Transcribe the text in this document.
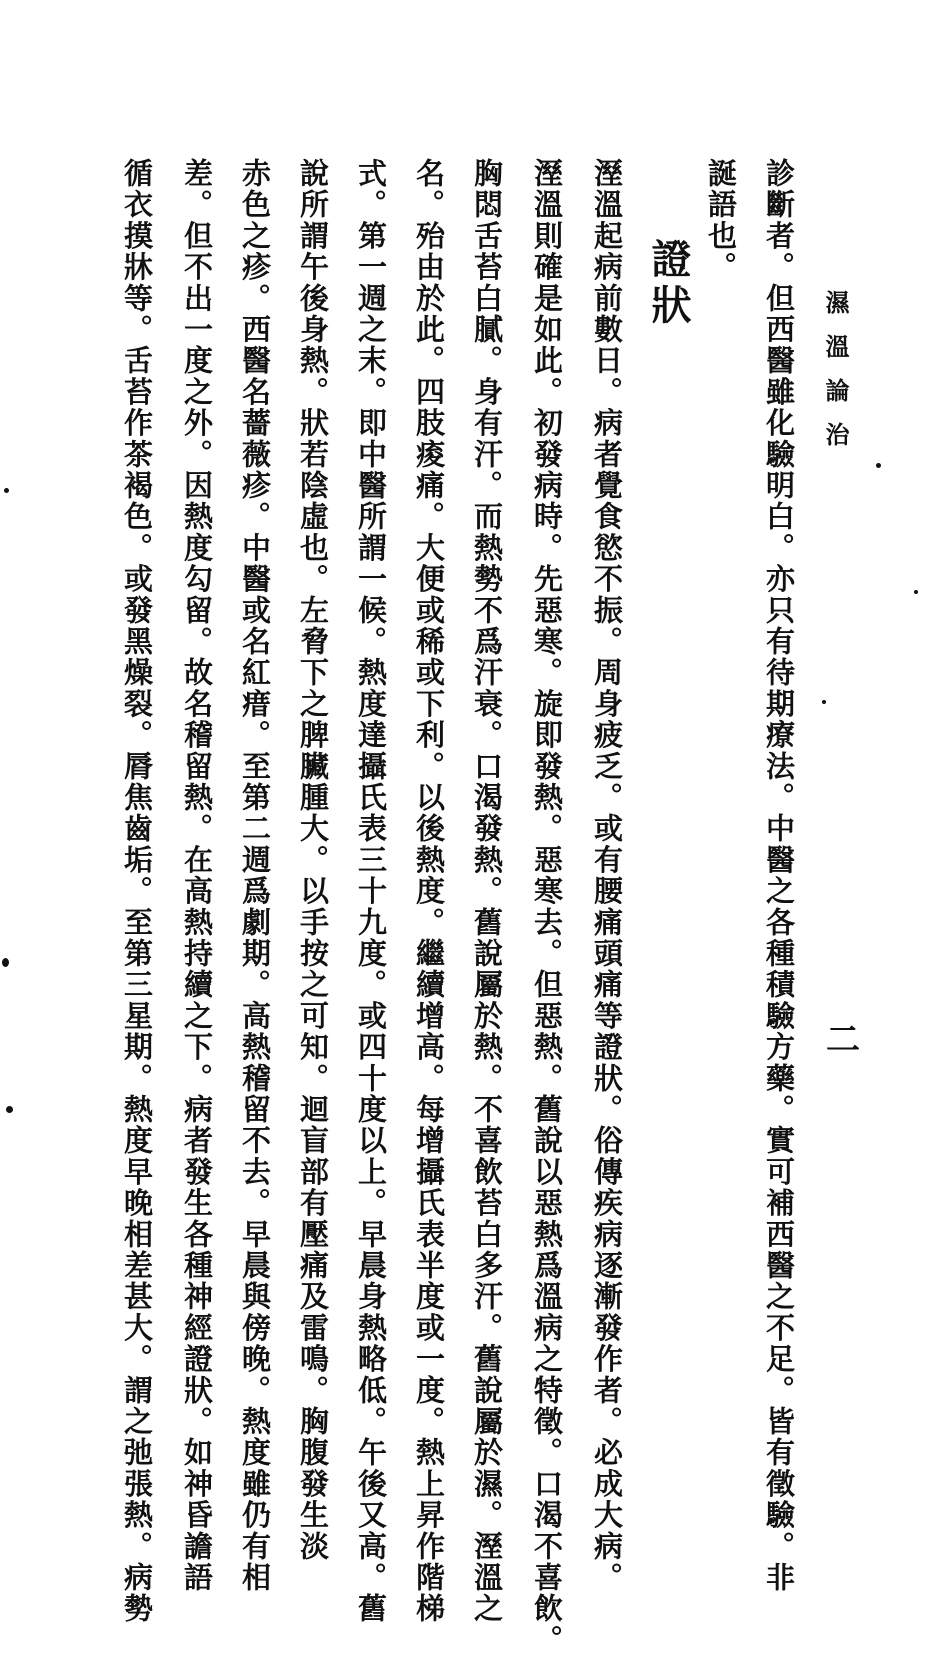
濕溫論治
二
診斷者。但西醫雖化驗明白。亦只有待期療法。中醫之各種積驗方藥。實可補西醫之不足。皆有徵驗。非
誕語也。
證狀
溼溫起病前數日。病者覺食慾不振。周身疲乏。或有腰痛頭痛等證狀。俗傳疾病逐漸發作者。必成大病。
溼溫則確是如此。初發病時。先惡寒。旋即發熱。惡寒去。但惡熱。舊說以惡熱爲溫病之特徵。口渴不喜飲。
胸悶舌苔白膩。身有汗。而熱勢不爲汗衰。口渴發熱。舊說屬於熱。不喜飲苔白多汗。舊說屬於濕。溼溫之
名。殆由於此。四肢痠痛。大便或稀或下利。以後熱度。繼續增高。每增攝氏表半度或一度。熱上昇作階梯
式。第一週之末。即中醫所謂一候。熱度達攝氏表三十九度。或四十度以上。早晨身熱略低。午後又高。舊
說所謂午後身熱。狀若陰虛也。左脅下之脾臟腫大。以手按之可知。迴盲部有壓痛及雷鳴。胸腹發生淡
赤色之疹。西醫名薔薇疹。中醫或名紅瘄。至第二週爲劇期。高熱稽留不去。早晨與傍晚。熱度雖仍有相
差。但不出一度之外。因熱度勾留。故名稽留熱。在高熱持續之下。病者發生各種神經證狀。如神昏譫語
循衣摸牀等。舌苔作茶褐色。或發黑燥裂。脣焦齒垢。至第三星期。熱度早晚相差甚大。謂之弛張熱。病勢
